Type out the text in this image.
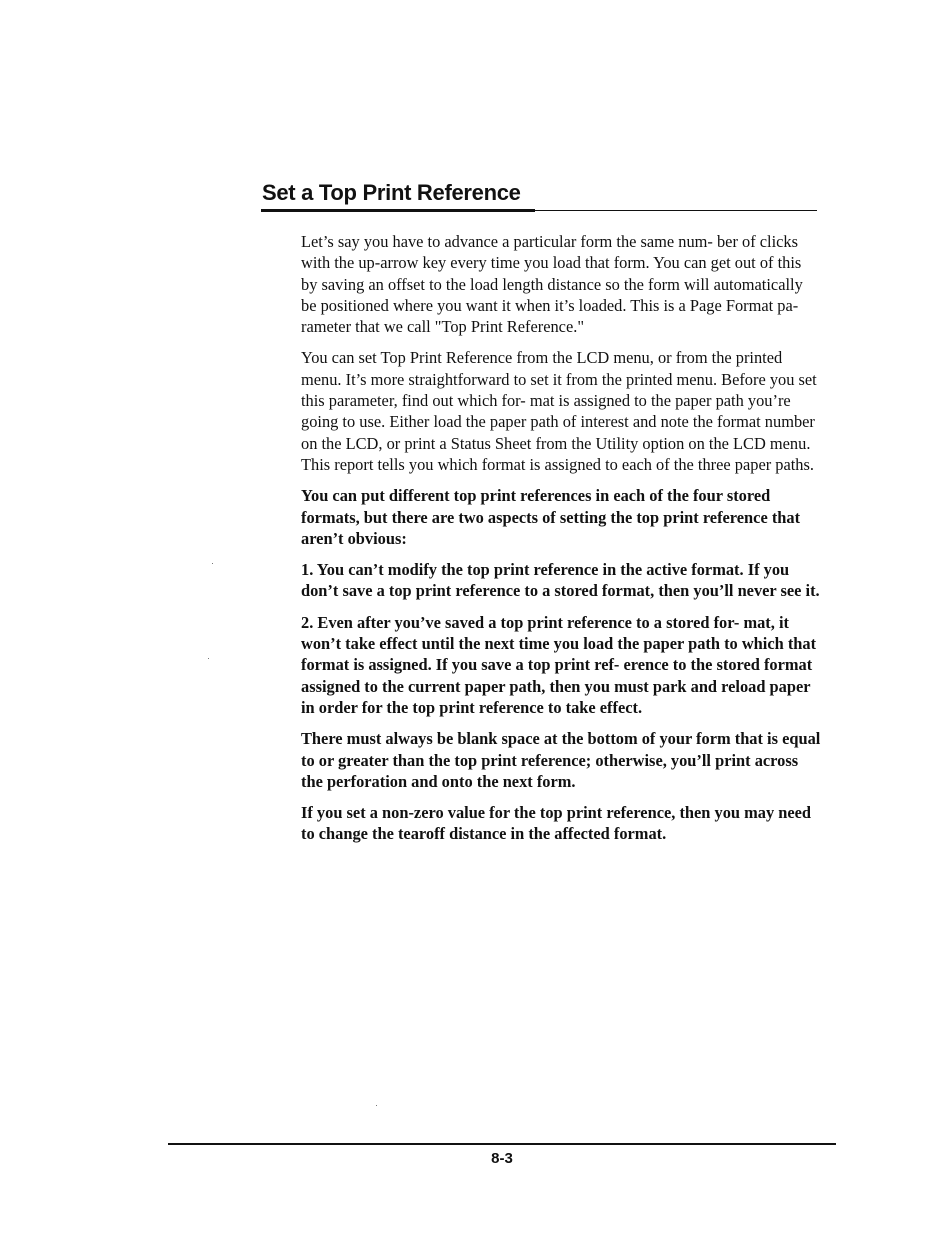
Set a Top Print Reference

Let’s say you have to advance a particular form the same num- ber of clicks with the up-arrow key every time you load that form. You can get out of this by saving an offset to the load length distance so the form will automatically be positioned where you want it when it’s loaded. This is a Page Format pa- rameter that we call "Top Print Reference."

You can set Top Print Reference from the LCD menu, or from the printed menu. It’s more straightforward to set it from the printed menu. Before you set this parameter, find out which for- mat is assigned to the paper path you’re going to use. Either load the paper path of interest and note the format number on the LCD, or print a Status Sheet from the Utility option on the LCD menu. This report tells you which format is assigned to each of the three paper paths.

You can put different top print references in each of the four stored formats, but there are two aspects of setting the top print reference that aren’t obvious:

1. You can’t modify the top print reference in the active format. If you don’t save a top print reference to a stored format, then you’ll never see it.

2. Even after you’ve saved a top print reference to a stored for- mat, it won’t take effect until the next time you load the paper path to which that format is assigned. If you save a top print ref- erence to the stored format assigned to the current paper path, then you must park and reload paper in order for the top print reference to take effect.

There must always be blank space at the bottom of your form that is equal to or greater than the top print reference; otherwise, you’ll print across the perforation and onto the next form.

If you set a non-zero value for the top print reference, then you may need to change the tearoff distance in the affected format.

8-3
